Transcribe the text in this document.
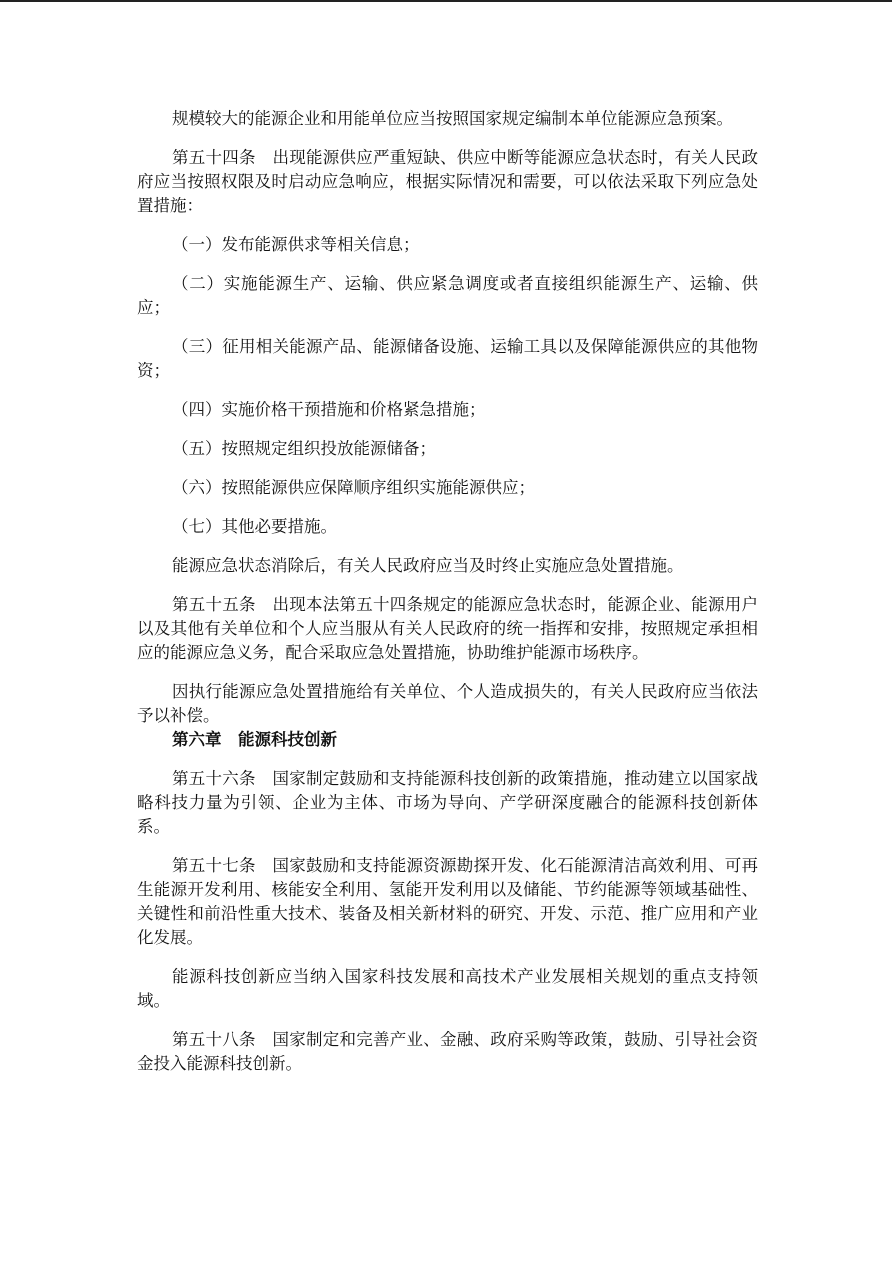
规模较大的能源企业和用能单位应当按照国家规定编制本单位能源应急预案。

第五十四条　出现能源供应严重短缺、供应中断等能源应急状态时，有关人民政府应当按照权限及时启动应急响应，根据实际情况和需要，可以依法采取下列应急处置措施：

（一）发布能源供求等相关信息；

（二）实施能源生产、运输、供应紧急调度或者直接组织能源生产、运输、供应；

（三）征用相关能源产品、能源储备设施、运输工具以及保障能源供应的其他物资；

（四）实施价格干预措施和价格紧急措施；

（五）按照规定组织投放能源储备；

（六）按照能源供应保障顺序组织实施能源供应；

（七）其他必要措施。

能源应急状态消除后，有关人民政府应当及时终止实施应急处置措施。

第五十五条　出现本法第五十四条规定的能源应急状态时，能源企业、能源用户以及其他有关单位和个人应当服从有关人民政府的统一指挥和安排，按照规定承担相应的能源应急义务，配合采取应急处置措施，协助维护能源市场秩序。

因执行能源应急处置措施给有关单位、个人造成损失的，有关人民政府应当依法予以补偿。

第六章　能源科技创新

第五十六条　国家制定鼓励和支持能源科技创新的政策措施，推动建立以国家战略科技力量为引领、企业为主体、市场为导向、产学研深度融合的能源科技创新体系。

第五十七条　国家鼓励和支持能源资源勘探开发、化石能源清洁高效利用、可再生能源开发利用、核能安全利用、氢能开发利用以及储能、节约能源等领域基础性、关键性和前沿性重大技术、装备及相关新材料的研究、开发、示范、推广应用和产业化发展。

能源科技创新应当纳入国家科技发展和高技术产业发展相关规划的重点支持领域。

第五十八条　国家制定和完善产业、金融、政府采购等政策，鼓励、引导社会资金投入能源科技创新。
